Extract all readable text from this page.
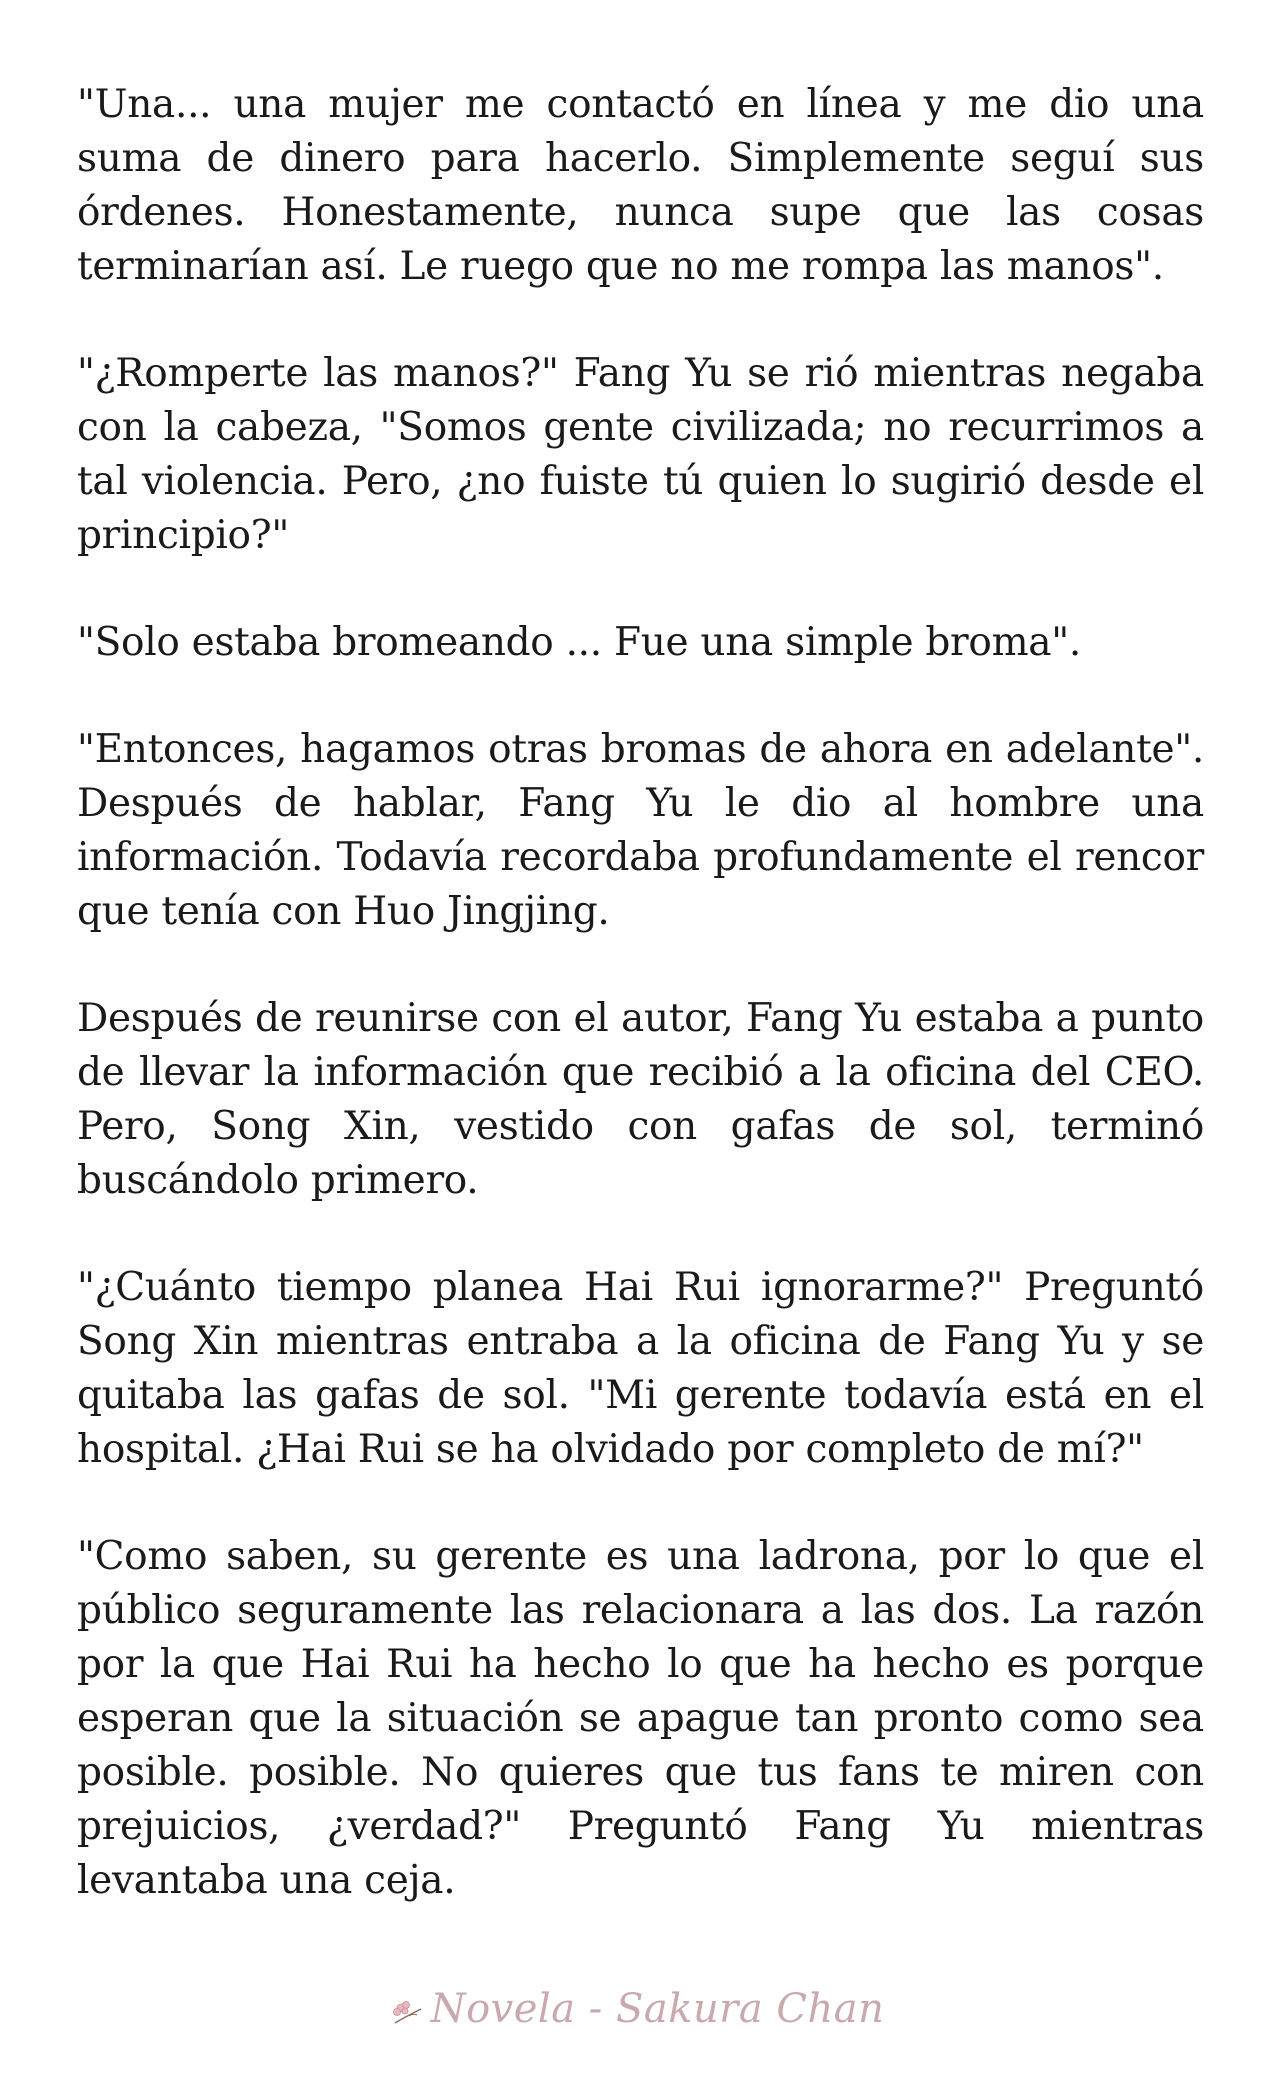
"Una... una mujer me contactó en línea y me dio una suma de dinero para hacerlo. Simplemente seguí sus órdenes. Honestamente, nunca supe que las cosas terminarían así. Le ruego que no me rompa las manos".

"¿Romperte las manos?" Fang Yu se rió mientras negaba con la cabeza, "Somos gente civilizada; no recurrimos a tal violencia. Pero, ¿no fuiste tú quien lo sugirió desde el principio?"

"Solo estaba bromeando ... Fue una simple broma".

"Entonces, hagamos otras bromas de ahora en adelante". Después de hablar, Fang Yu le dio al hombre una información. Todavía recordaba profundamente el rencor que tenía con Huo Jingjing.

Después de reunirse con el autor, Fang Yu estaba a punto de llevar la información que recibió a la oficina del CEO. Pero, Song Xin, vestido con gafas de sol, terminó buscándolo primero.

"¿Cuánto tiempo planea Hai Rui ignorarme?" Preguntó Song Xin mientras entraba a la oficina de Fang Yu y se quitaba las gafas de sol. "Mi gerente todavía está en el hospital. ¿Hai Rui se ha olvidado por completo de mí?"

"Como saben, su gerente es una ladrona, por lo que el público seguramente las relacionara a las dos. La razón por la que Hai Rui ha hecho lo que ha hecho es porque esperan que la situación se apague tan pronto como sea posible. posible. No quieres que tus fans te miren con prejuicios, ¿verdad?" Preguntó Fang Yu mientras levantaba una ceja.

Novela - Sakura Chan
